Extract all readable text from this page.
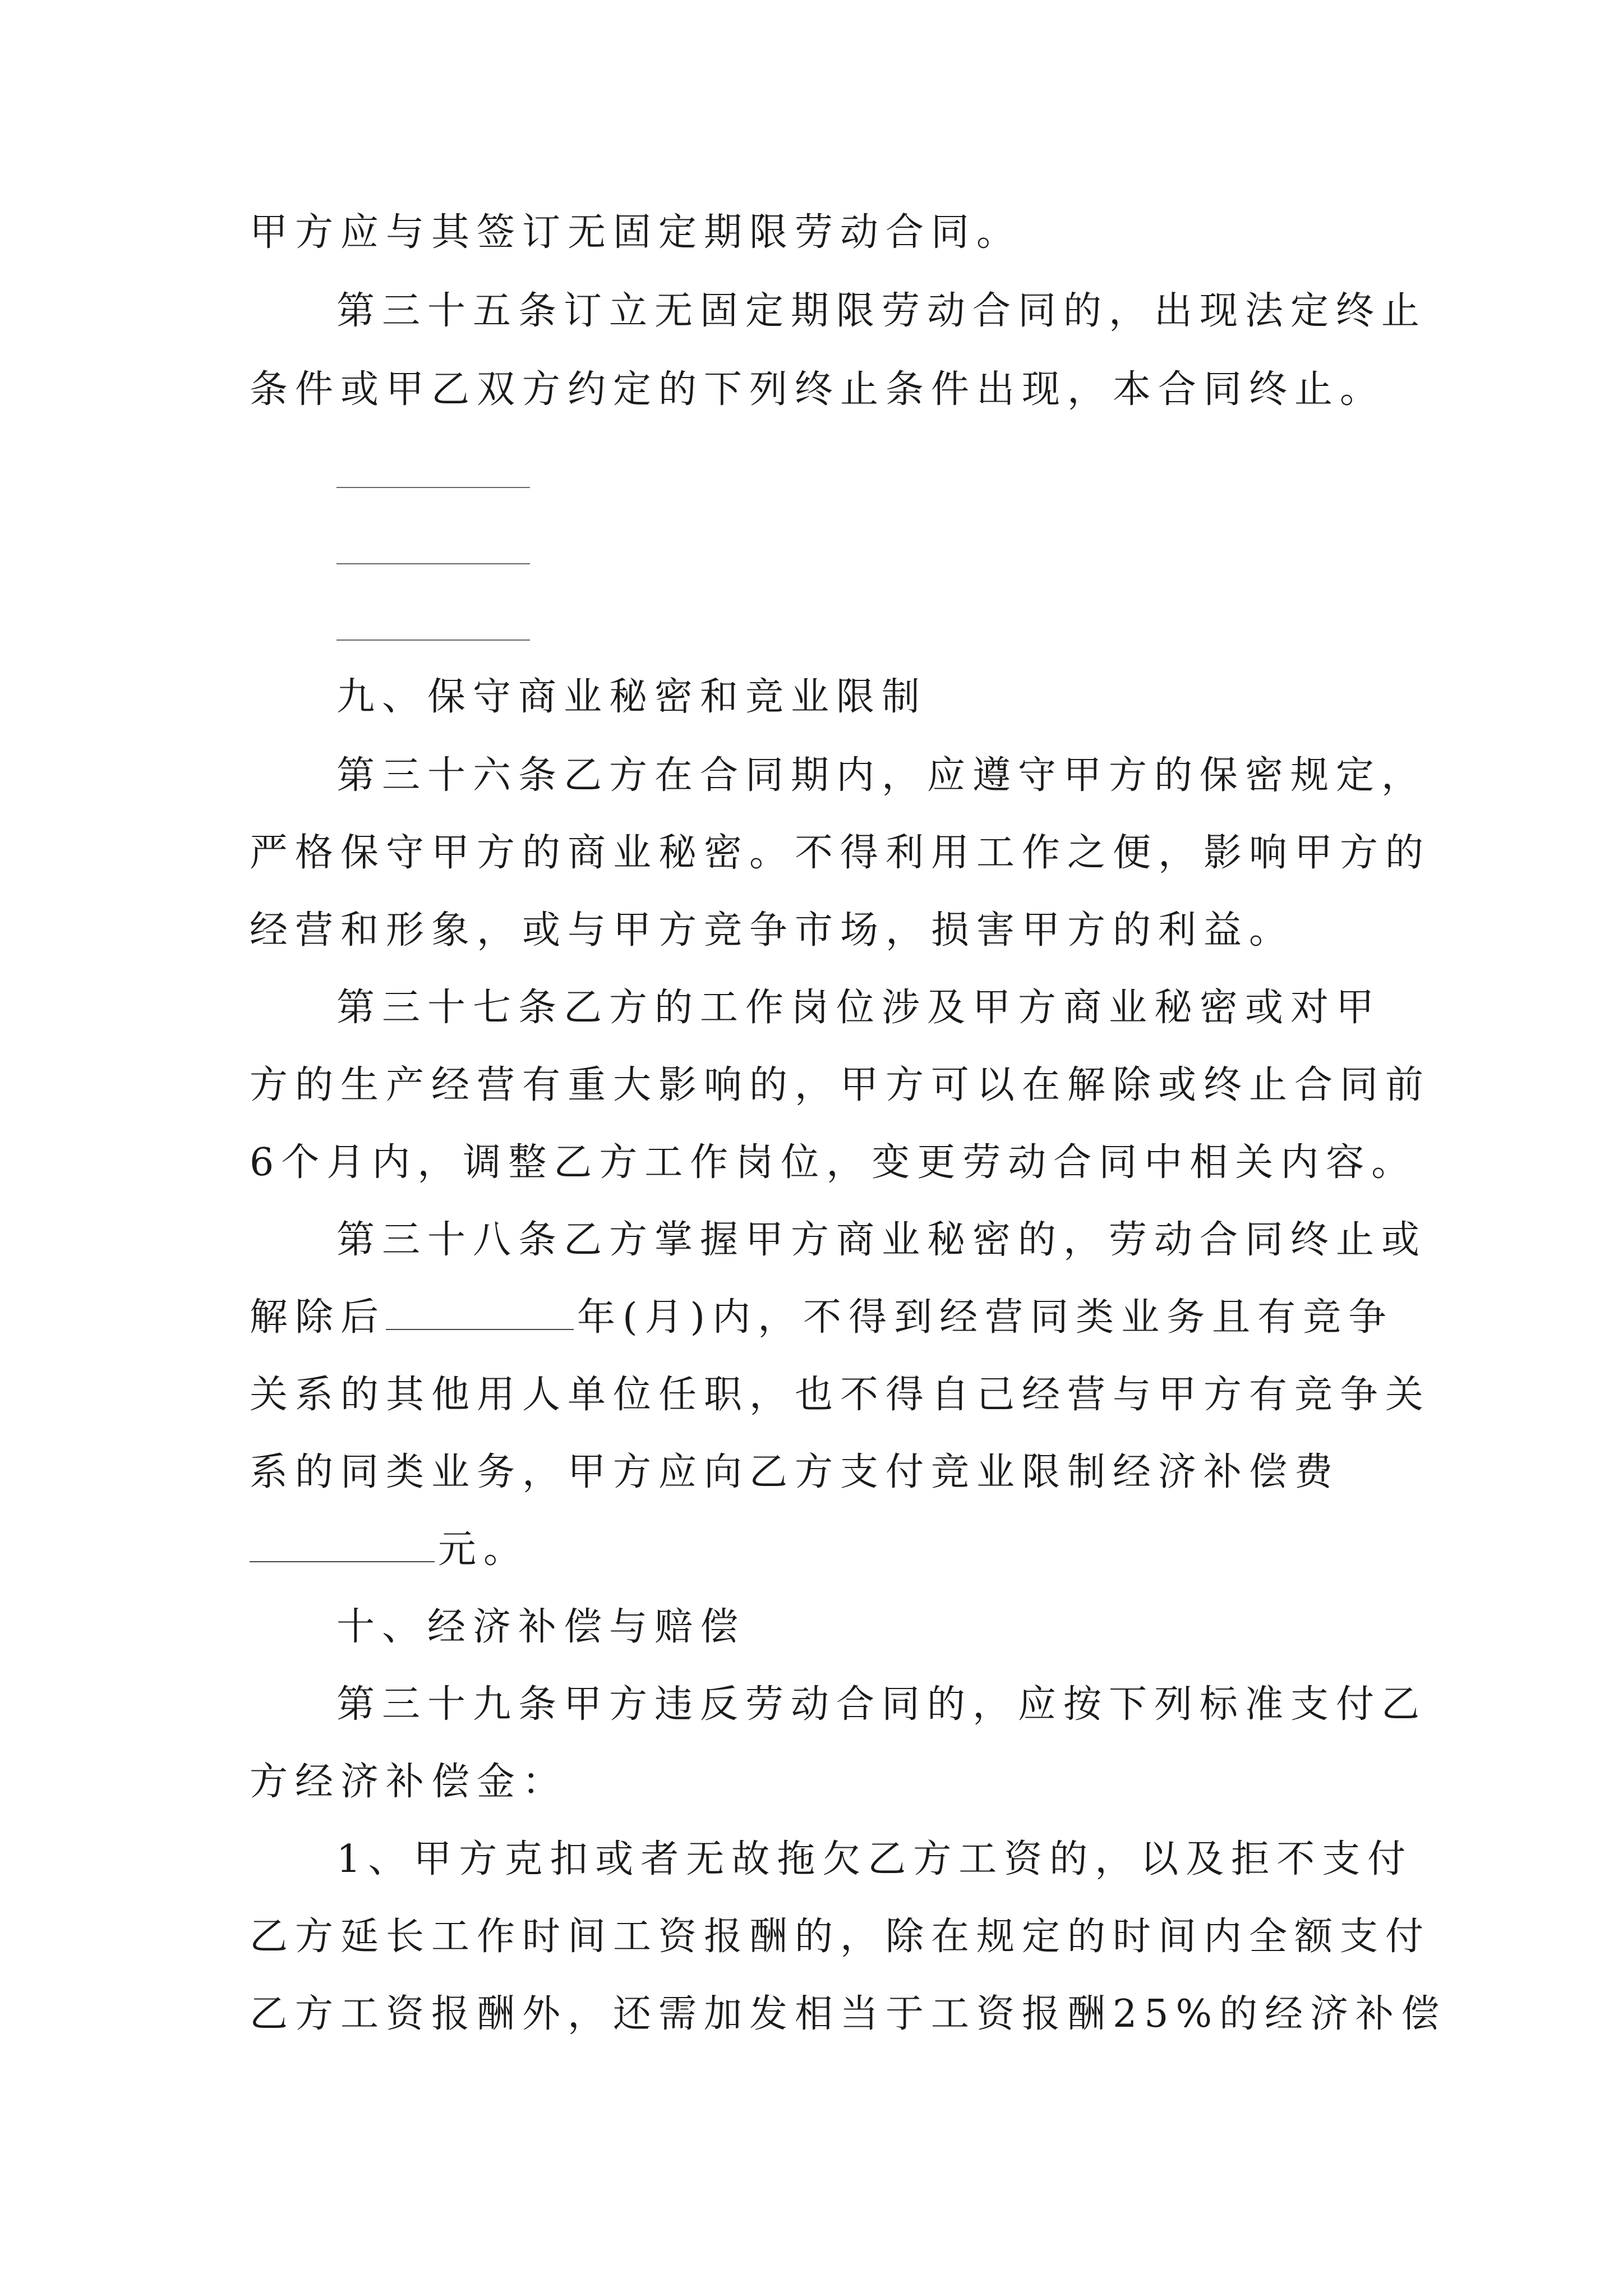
甲方应与其签订无固定期限劳动合同。
第三十五条订立无固定期限劳动合同的，出现法定终止
条件或甲乙双方约定的下列终止条件出现，本合同终止。
九、保守商业秘密和竞业限制
第三十六条乙方在合同期内，应遵守甲方的保密规定，
严格保守甲方的商业秘密。不得利用工作之便，影响甲方的
经营和形象，或与甲方竞争市场，损害甲方的利益。
第三十七条乙方的工作岗位涉及甲方商业秘密或对甲
方的生产经营有重大影响的，甲方可以在解除或终止合同前
6个月内，调整乙方工作岗位，变更劳动合同中相关内容。
第三十八条乙方掌握甲方商业秘密的，劳动合同终止或
解除后	年(月)内，不得到经营同类业务且有竞争
关系的其他用人单位任职，也不得自己经营与甲方有竞争关
系的同类业务，甲方应向乙方支付竞业限制经济补偿费
元。
十、经济补偿与赔偿
第三十九条甲方违反劳动合同的，应按下列标准支付乙
方经济补偿金：
1、甲方克扣或者无故拖欠乙方工资的，以及拒不支付
乙方延长工作时间工资报酬的，除在规定的时间内全额支付
乙方工资报酬外，还需加发相当于工资报酬25%的经济补偿
